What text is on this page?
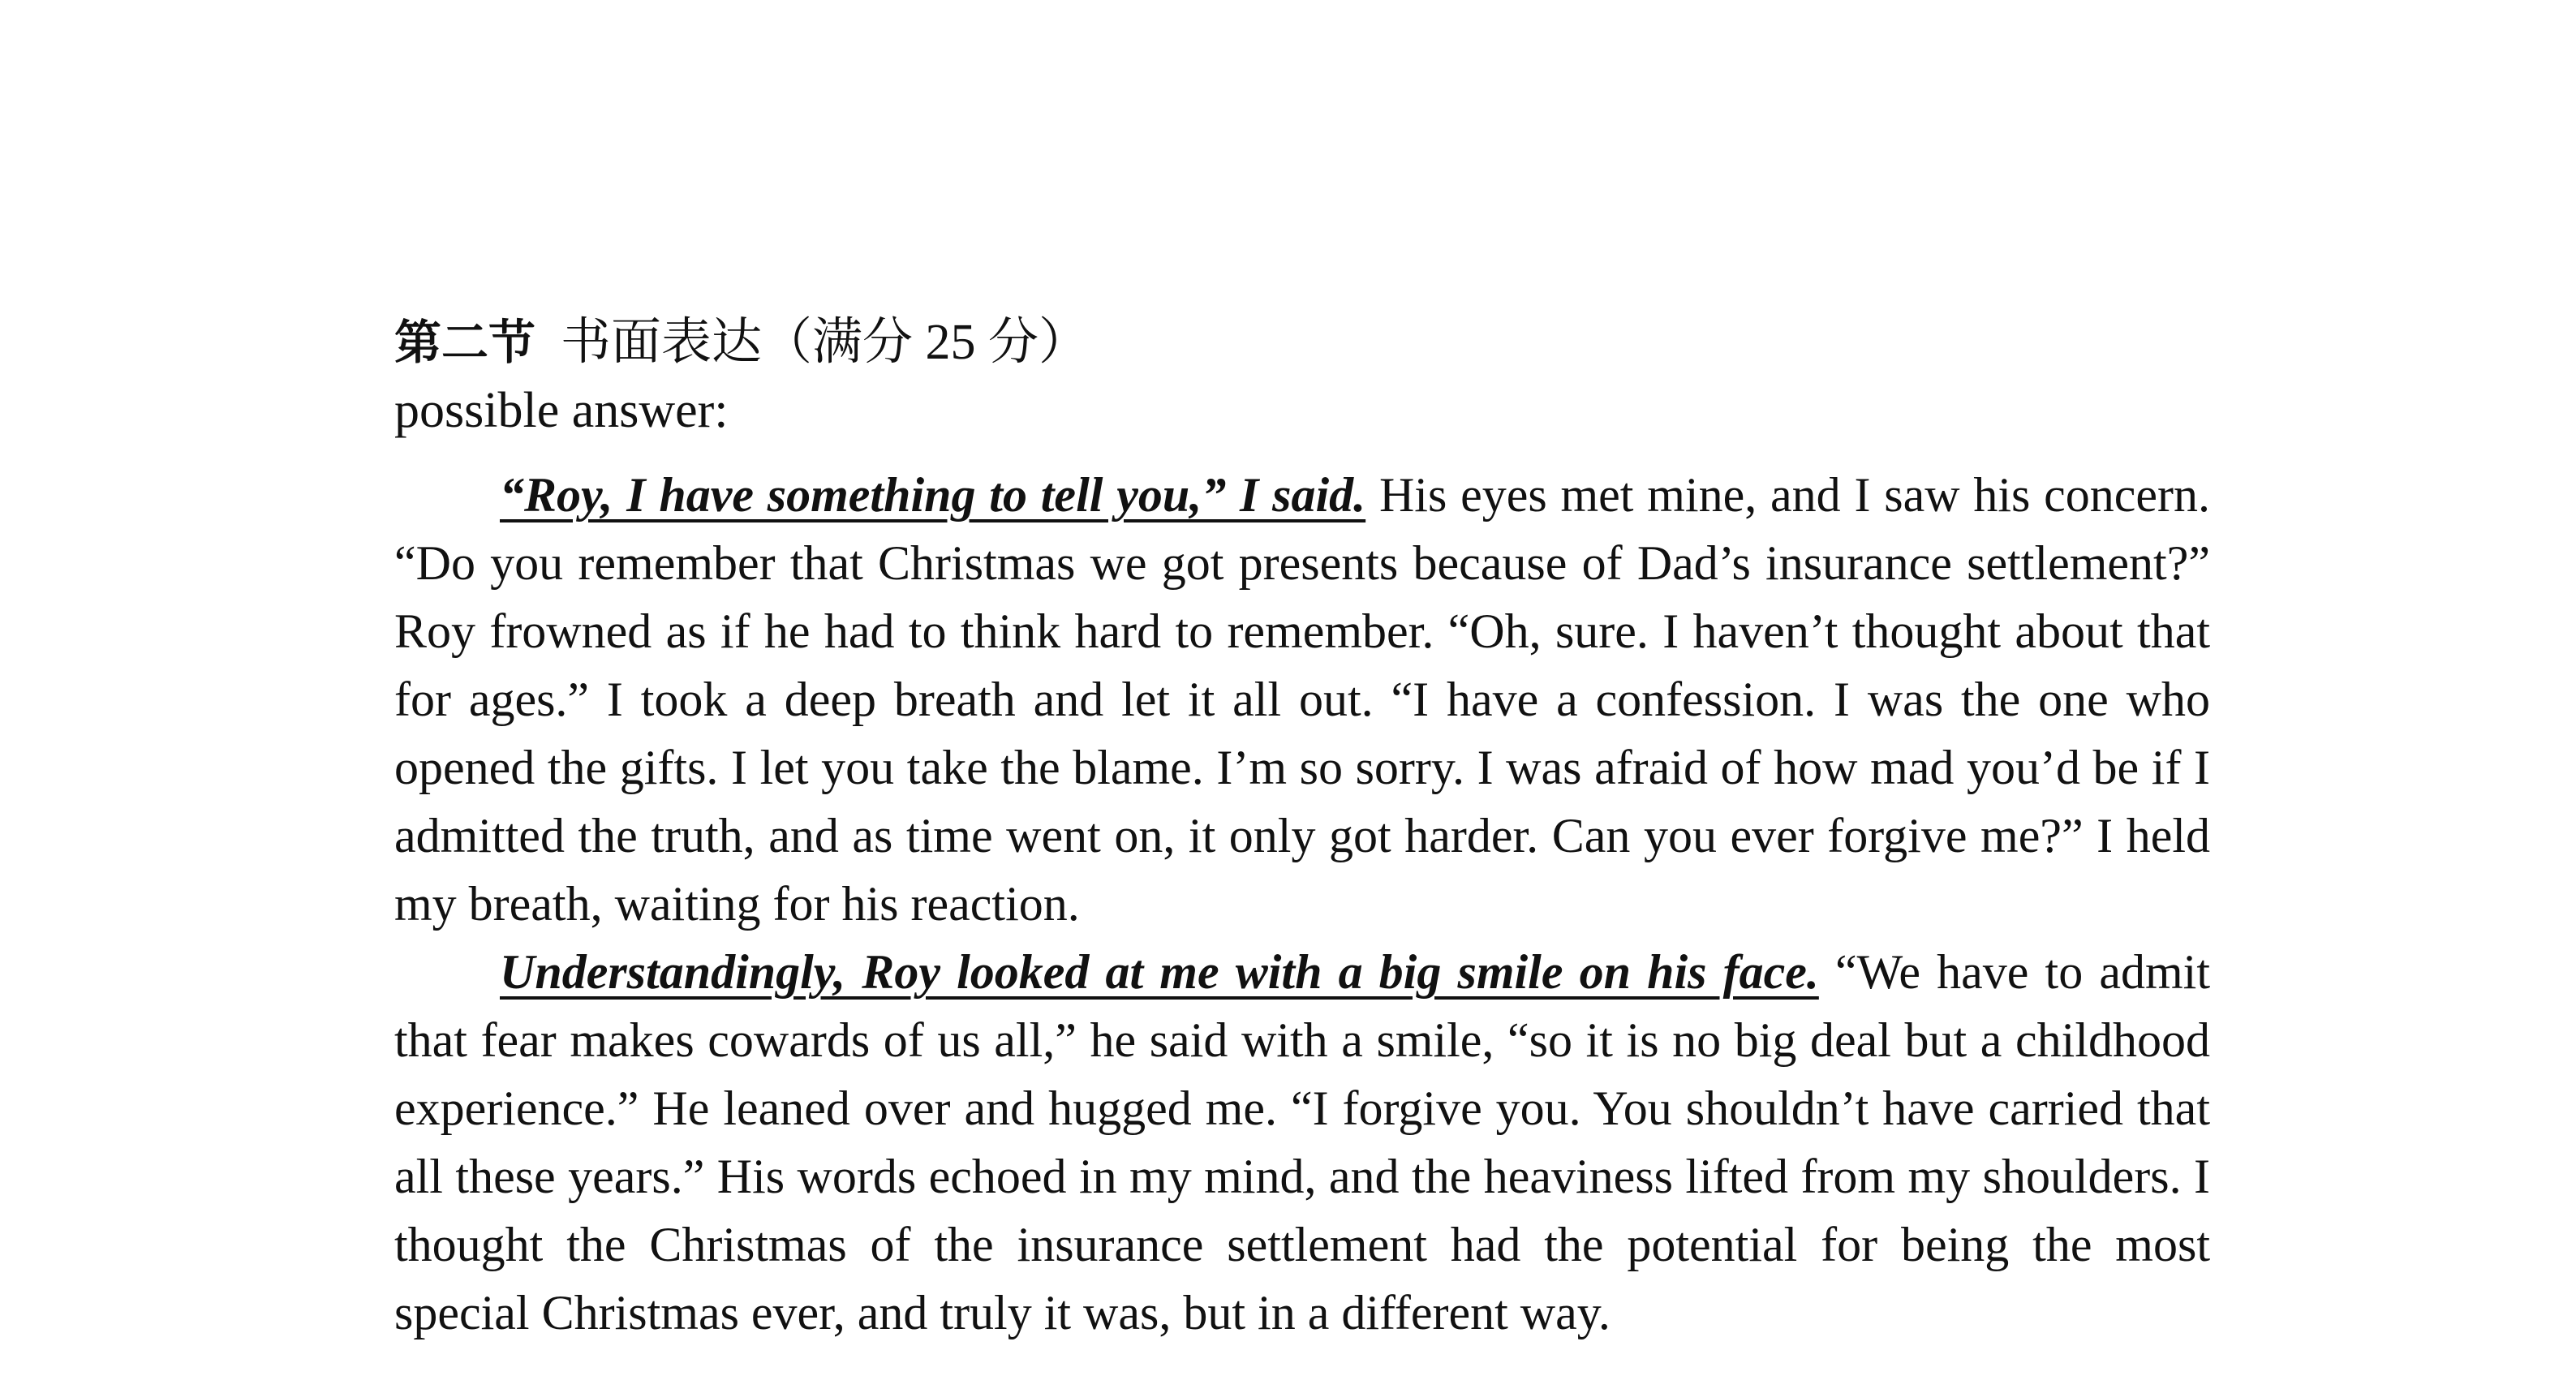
第二节 书面表达（满分 25 分）

possible answer:

“Roy, I have something to tell you,” I said. His eyes met mine, and I saw his concern. “Do you remember that Christmas we got presents because of Dad’s insurance settlement?” Roy frowned as if he had to think hard to remember. “Oh, sure. I haven’t thought about that for ages.” I took a deep breath and let it all out. “I have a confession. I was the one who opened the gifts. I let you take the blame. I’m so sorry. I was afraid of how mad you’d be if I admitted the truth, and as time went on, it only got harder. Can you ever forgive me?” I held my breath, waiting for his reaction.

Understandingly, Roy looked at me with a big smile on his face. “We have to admit that fear makes cowards of us all,” he said with a smile, “so it is no big deal but a childhood experience.” He leaned over and hugged me. “I forgive you. You shouldn’t have carried that all these years.” His words echoed in my mind, and the heaviness lifted from my shoulders. I thought the Christmas of the insurance settlement had the potential for being the most special Christmas ever, and truly it was, but in a different way.
